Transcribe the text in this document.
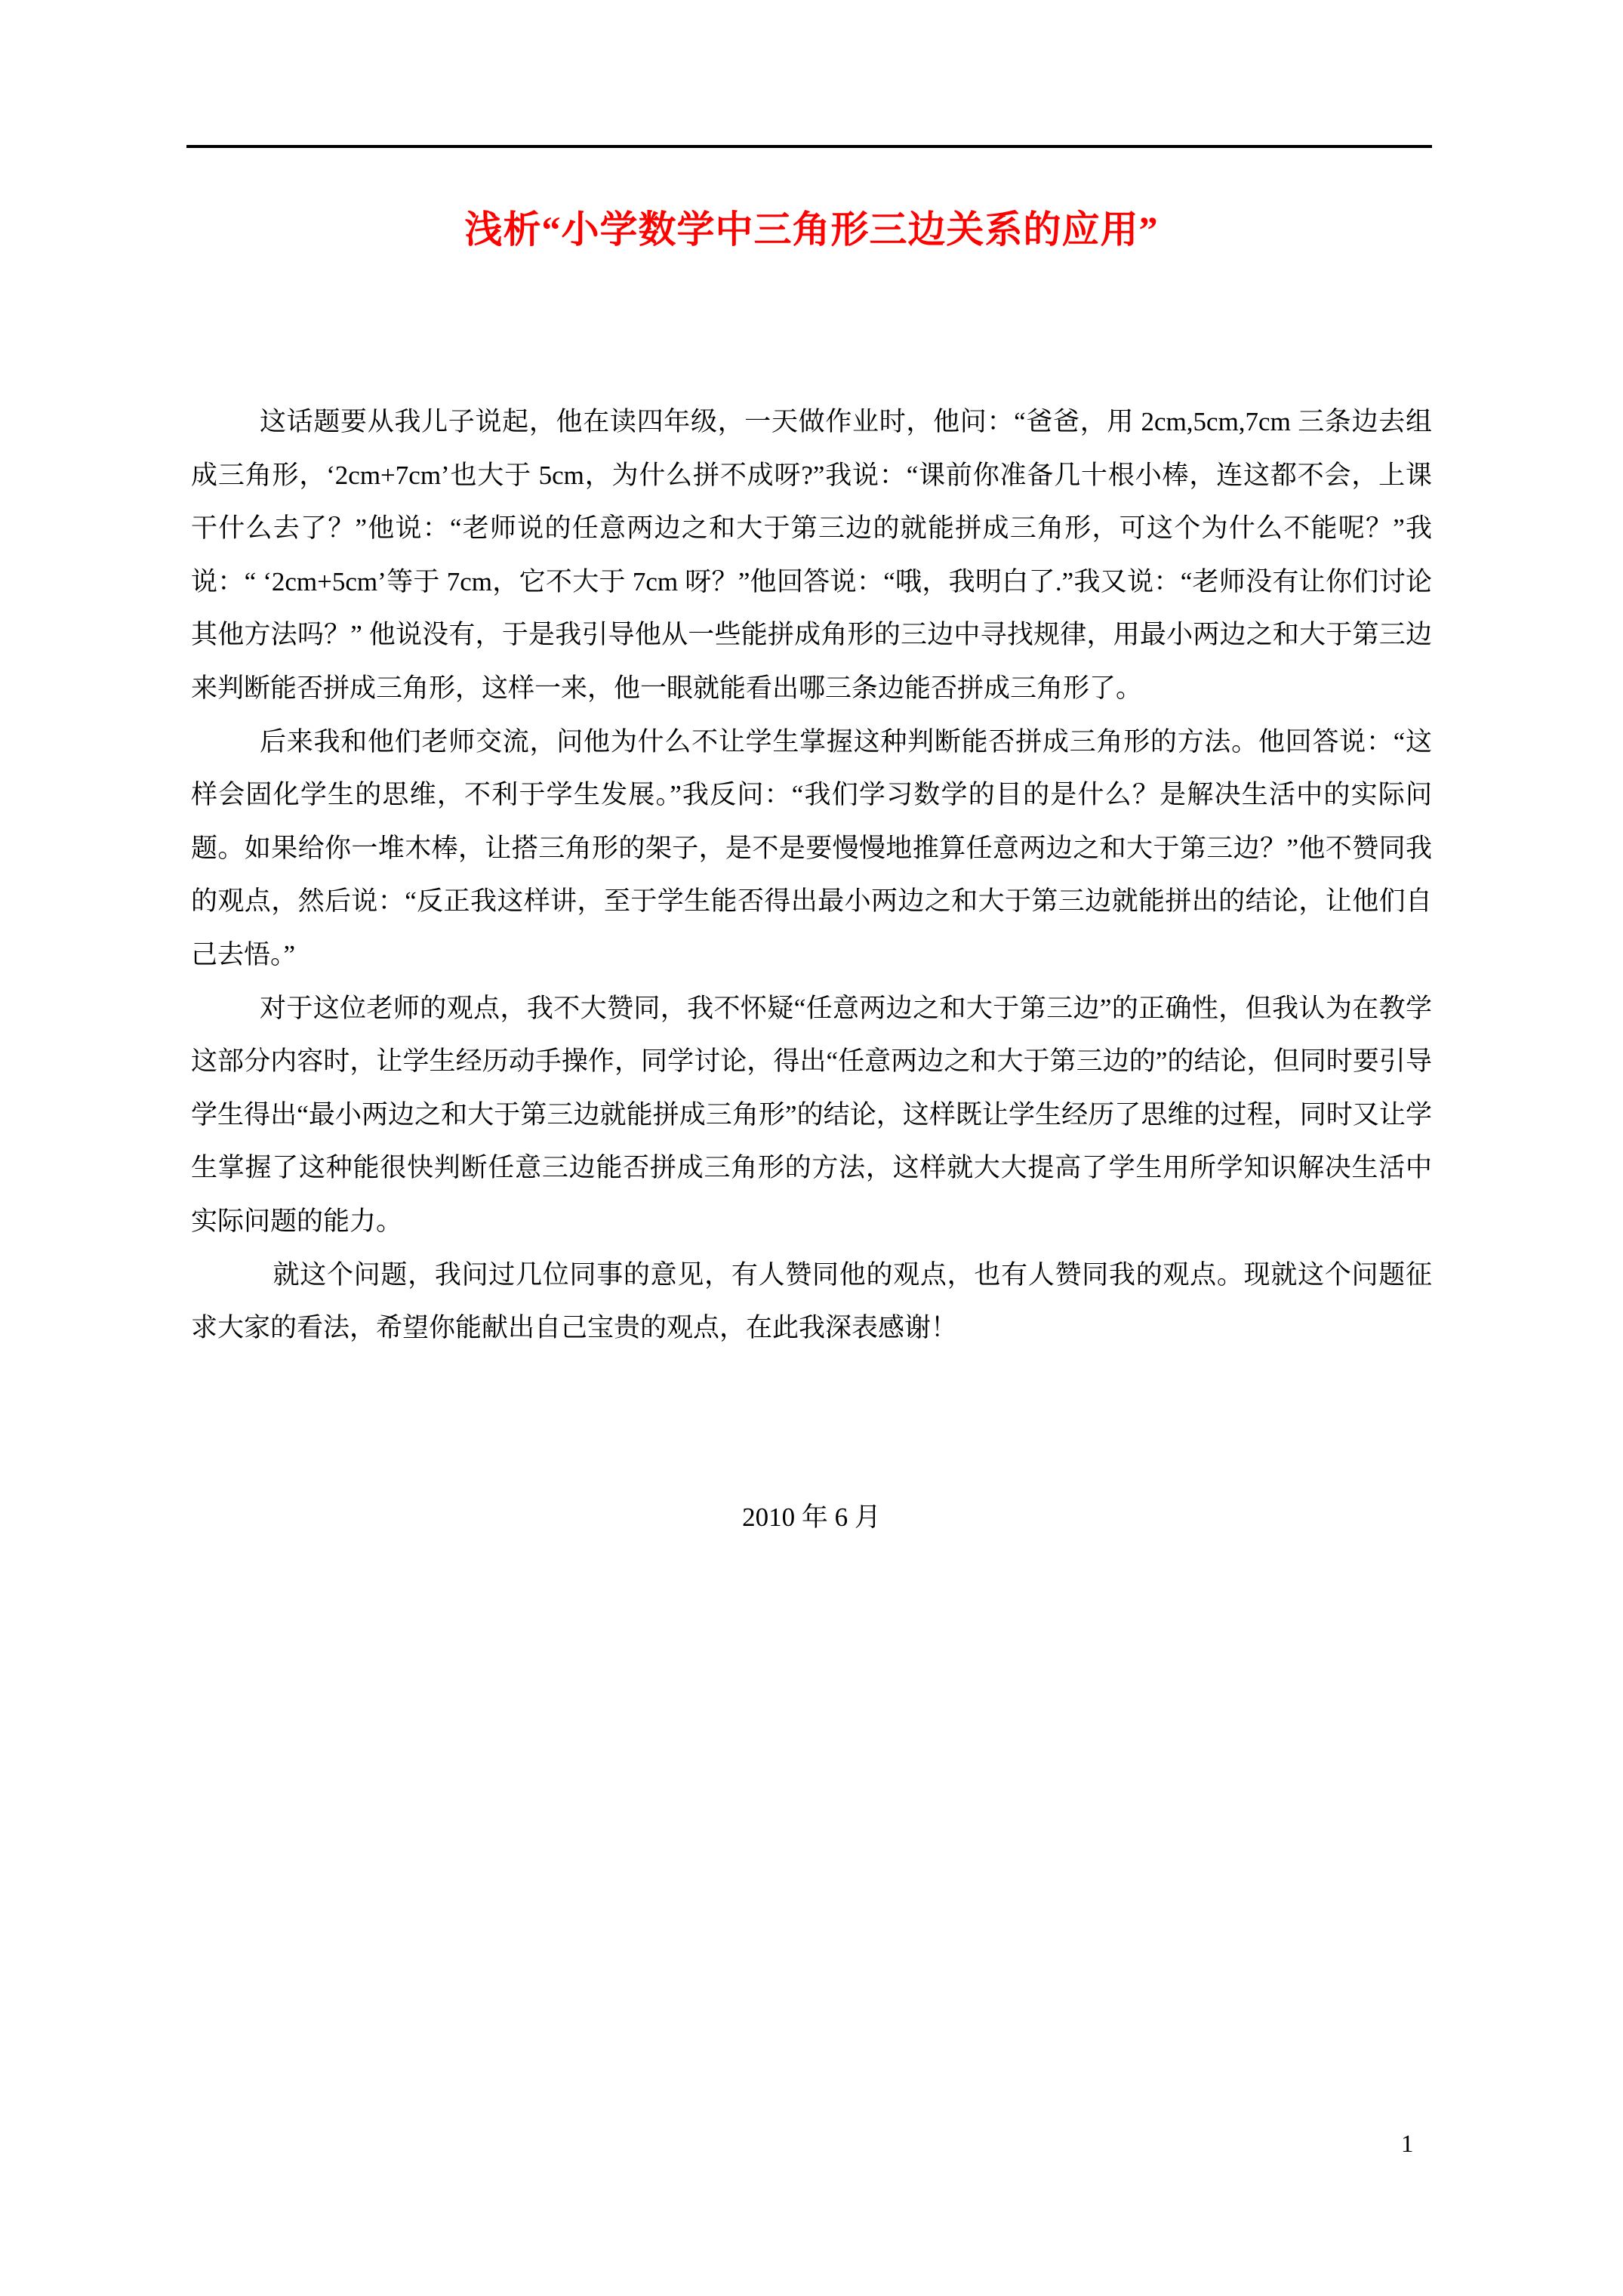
浅析“小学数学中三角形三边关系的应用”

这话题要从我儿子说起，他在读四年级，一天做作业时，他问：“爸爸，用 2cm,5cm,7cm 三条边去组成三角形，‘2cm+7cm’也大于 5cm，为什么拼不成呀?”我说：“课前你准备几十根小棒，连这都不会，上课干什么去了？”他说：“老师说的任意两边之和大于第三边的就能拼成三角形，可这个为什么不能呢？”我说：“ ‘2cm+5cm’等于 7cm，它不大于 7cm 呀？”他回答说：“哦，我明白了.”我又说：“老师没有让你们讨论其他方法吗？” 他说没有，于是我引导他从一些能拼成角形的三边中寻找规律，用最小两边之和大于第三边来判断能否拼成三角形，这样一来，他一眼就能看出哪三条边能否拼成三角形了。

后来我和他们老师交流，问他为什么不让学生掌握这种判断能否拼成三角形的方法。他回答说：“这样会固化学生的思维，不利于学生发展。”我反问：“我们学习数学的目的是什么？是解决生活中的实际问题。如果给你一堆木棒，让搭三角形的架子，是不是要慢慢地推算任意两边之和大于第三边？”他不赞同我的观点，然后说：“反正我这样讲，至于学生能否得出最小两边之和大于第三边就能拼出的结论，让他们自己去悟。”

对于这位老师的观点，我不大赞同，我不怀疑“任意两边之和大于第三边”的正确性，但我认为在教学这部分内容时，让学生经历动手操作，同学讨论，得出“任意两边之和大于第三边的”的结论，但同时要引导学生得出“最小两边之和大于第三边就能拼成三角形”的结论，这样既让学生经历了思维的过程，同时又让学生掌握了这种能很快判断任意三边能否拼成三角形的方法，这样就大大提高了学生用所学知识解决生活中实际问题的能力。

就这个问题，我问过几位同事的意见，有人赞同他的观点，也有人赞同我的观点。现就这个问题征求大家的看法，希望你能献出自己宝贵的观点，在此我深表感谢！

2010 年 6 月
1
